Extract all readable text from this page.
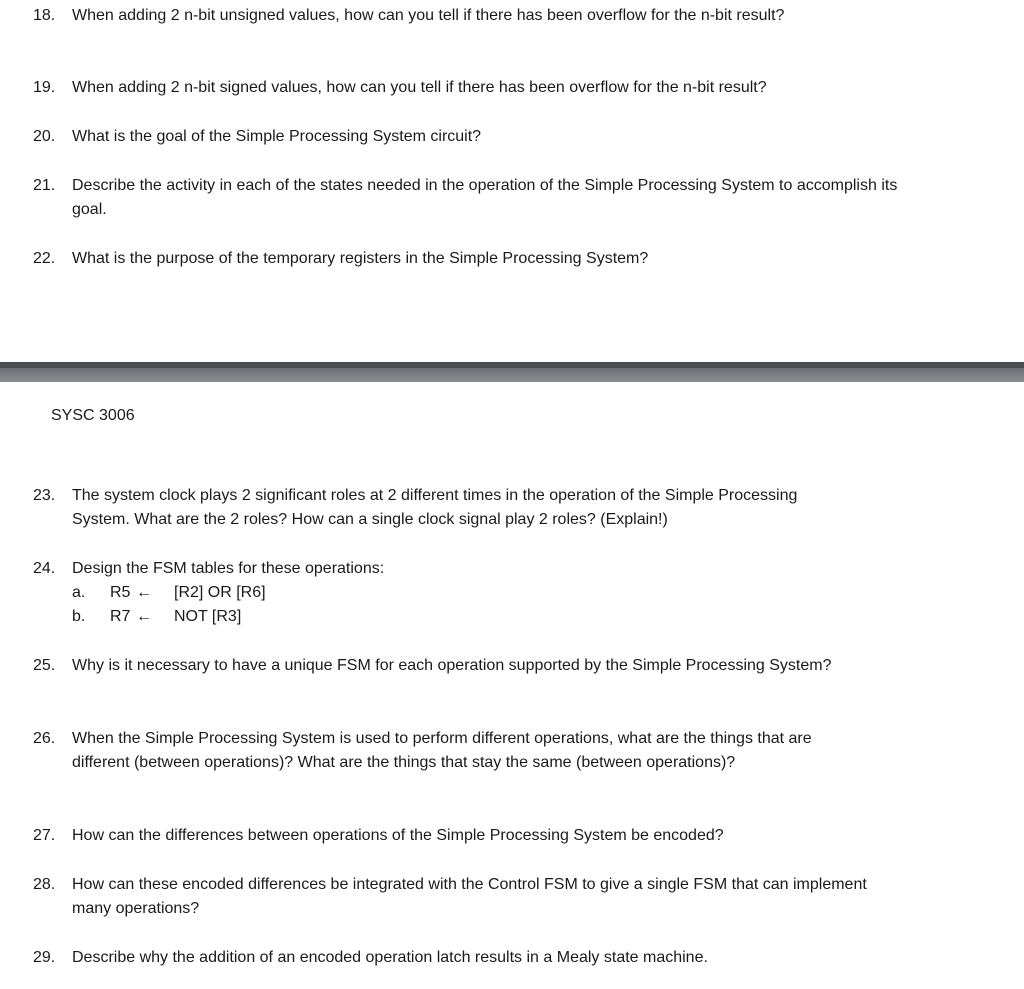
18.	When adding 2 n-bit unsigned values, how can you tell if there has been overflow for the n-bit result?
19.	When adding 2 n-bit signed values, how can you tell if there has been overflow for the n-bit result?
20.	What is the goal of the Simple Processing System circuit?
21.	Describe the activity in each of the states needed in the operation of the Simple Processing System to accomplish its goal.
22.	What is the purpose of the temporary registers in the Simple Processing System?
SYSC 3006
23.	The system clock plays 2 significant roles at 2 different times in the operation of the Simple Processing System. What are the 2 roles? How can a single clock signal play 2 roles? (Explain!)
24.	Design the FSM tables for these operations:
a. R5 ← [R2] OR [R6]
b. R7 ← NOT [R3]
25.	Why is it necessary to have a unique FSM for each operation supported by the Simple Processing System?
26.	When the Simple Processing System is used to perform different operations, what are the things that are different (between operations)? What are the things that stay the same (between operations)?
27.	How can the differences between operations of the Simple Processing System be encoded?
28.	How can these encoded differences be integrated with the Control FSM to give a single FSM that can implement many operations?
29.	Describe why the addition of an encoded operation latch results in a Mealy state machine.
